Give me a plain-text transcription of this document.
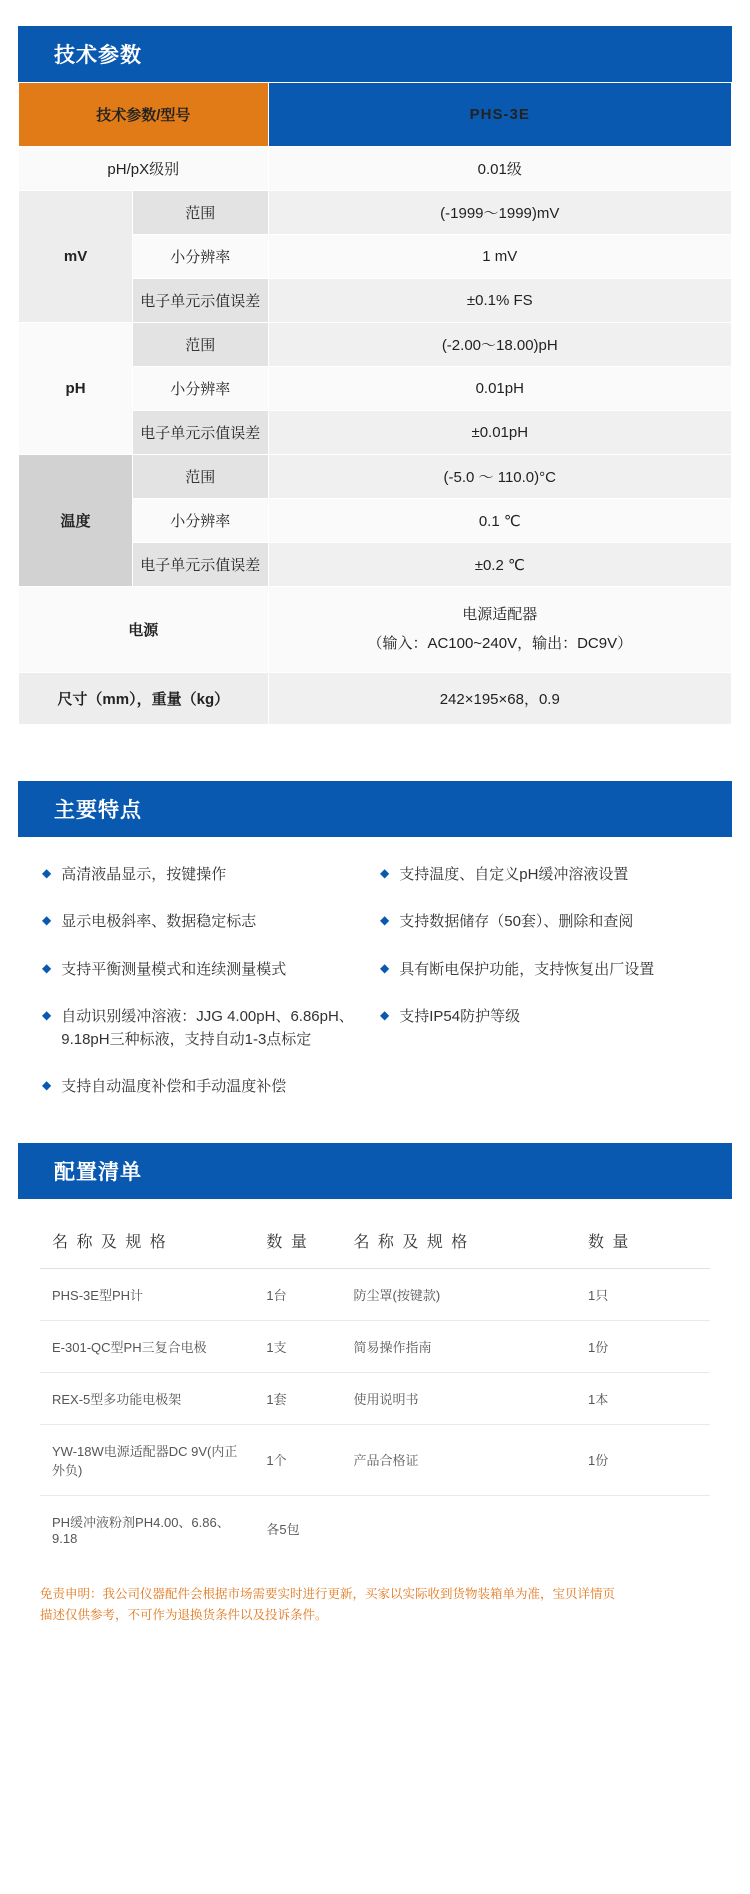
技术参数
技术参数/型号		PHS-3E
pH/pX级别		0.01级
mV	范围	(-1999～1999)mV
	小分辨率	1 mV
	电子单元示值误差	±0.1% FS
pH	范围	(-2.00～18.00)pH
	小分辨率	0.01pH
	电子单元示值误差	±0.01pH
温度	范围	(-5.0 ～ 110.0)°C
	小分辨率	0.1 ℃
	电子单元示值误差	±0.2 ℃
电源		电源适配器
（输入：AC100~240V，输出：DC9V）

尺寸（mm），重量（kg）		242×195×68，0.9
主要特点
◆ 高清液晶显示，按键操作
◆ 显示电极斜率、数据稳定标志
◆ 支持平衡测量模式和连续测量模式
◆ 自动识别缓冲溶液：JJG 4.00pH、6.86pH、9.18pH三种标液，支持自动1-3点标定
◆ 支持自动温度补偿和手动温度补偿
◆ 支持温度、自定义pH缓冲溶液设置
◆ 支持数据储存（50套）、删除和查阅
◆ 具有断电保护功能，支持恢复出厂设置
◆ 支持IP54防护等级
配置清单
名 称 及 规 格	数 量	名 称 及 规 格	数 量
PHS-3E型PH计	1台	防尘罩(按键款)	1只
E-301-QC型PH三复合电极	1支	简易操作指南	1份
REX-5型多功能电极架	1套	使用说明书	1本
YW-18W电源适配器DC 9V(内正外负)	1个	产品合格证	1份
PH缓冲液粉剂PH4.00、6.86、9.18	各5包		
免责申明：我公司仪器配件会根据市场需要实时进行更新，买家以实际收到货物装箱单为准，宝贝详情页
描述仅供参考，不可作为退换货条件以及投诉条件。
